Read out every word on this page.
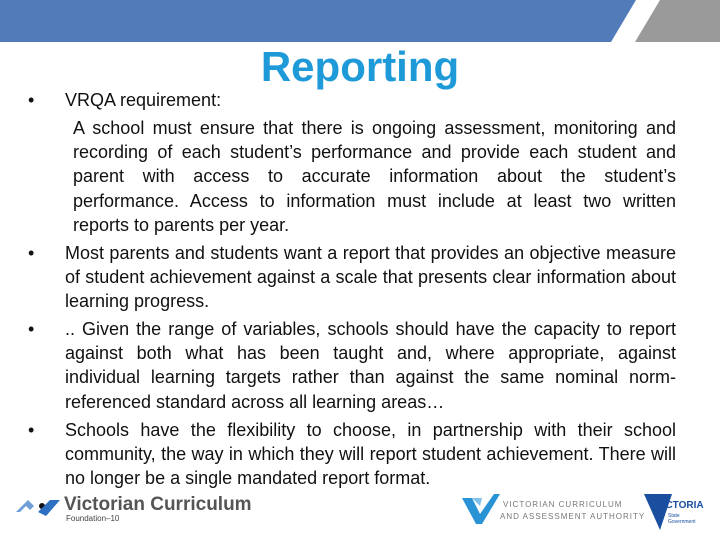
Reporting
• VRQA requirement:
A school must ensure that there is ongoing assessment, monitoring and recording of each student’s performance and provide each student and parent with access to accurate information about the student’s performance. Access to information must include at least two written reports to parents per year.
• Most parents and students want a report that provides an objective measure of student achievement against a scale that presents clear information about learning progress.
• .. Given the range of variables, schools should have the capacity to report against both what has been taught and, where appropriate, against individual learning targets rather than against the same nominal norm-referenced standard across all learning areas…
• Schools have the flexibility to choose, in partnership with their school community, the way in which they will report student achievement. There will no longer be a single mandated report format.
Victorian Curriculum
Foundation–10
VICTORIAN CURRICULUM
AND ASSESSMENT AUTHORITY
VICTORIA
State Government
